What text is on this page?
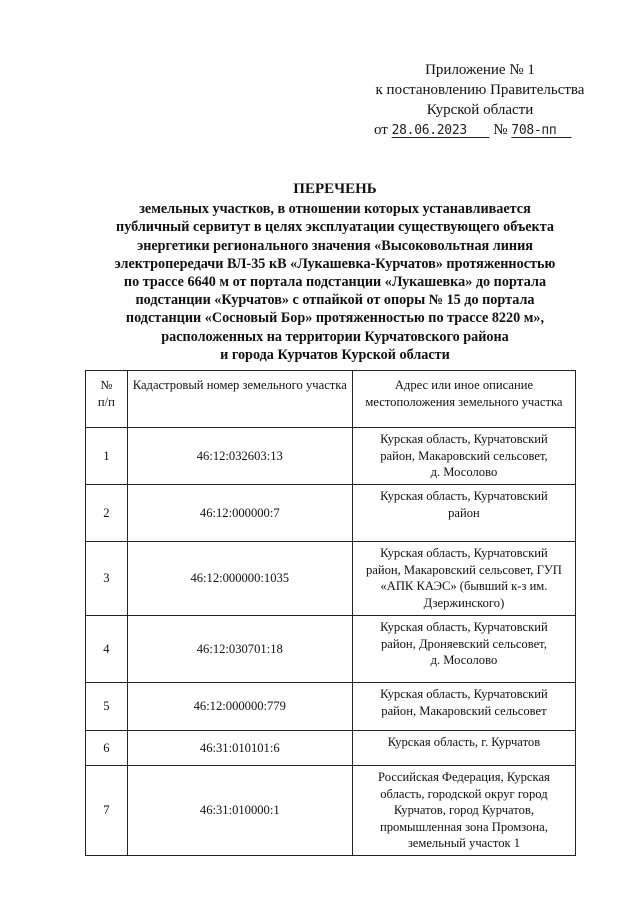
Приложение № 1
к постановлению Правительства
Курской области
от 28.06.2023 № 708-пп
ПЕРЕЧЕНЬ
земельных участков, в отношении которых устанавливается
публичный сервитут в целях эксплуатации существующего объекта
энергетики регионального значения «Высоковольтная линия
электропередачи ВЛ-35 кВ «Лукашевка-Курчатов» протяженностью
по трассе 6640 м от портала подстанции «Лукашевка» до портала
подстанции «Курчатов» с отпайкой от опоры № 15 до портала
подстанции «Сосновый Бор» протяженностью по трассе 8220 м»,
расположенных на территории Курчатовского района
и города Курчатов Курской области
№
п/п	Кадастровый номер земельного участка	Адрес или иное описание местоположения земельного участка
1	46:12:032603:13	Курская область, Курчатовский
район, Макаровский сельсовет,
д. Мосолово

2	46:12:000000:7	Курская область, Курчатовский
район

3	46:12:000000:1035	Курская область, Курчатовский
район, Макаровский сельсовет, ГУП
«АПК КАЭС» (бывший к-з им.
Дзержинского)

4	46:12:030701:18	Курская область, Курчатовский
район, Дроняевский сельсовет,
д. Мосолово

5	46:12:000000:779	Курская область, Курчатовский
район, Макаровский сельсовет

6	46:31:010101:6	Курская область, г. Курчатов

7	46:31:010000:1	Российская Федерация, Курская
область, городской округ город
Курчатов, город Курчатов,
промышленная зона Промзона,
земельный участок 1
